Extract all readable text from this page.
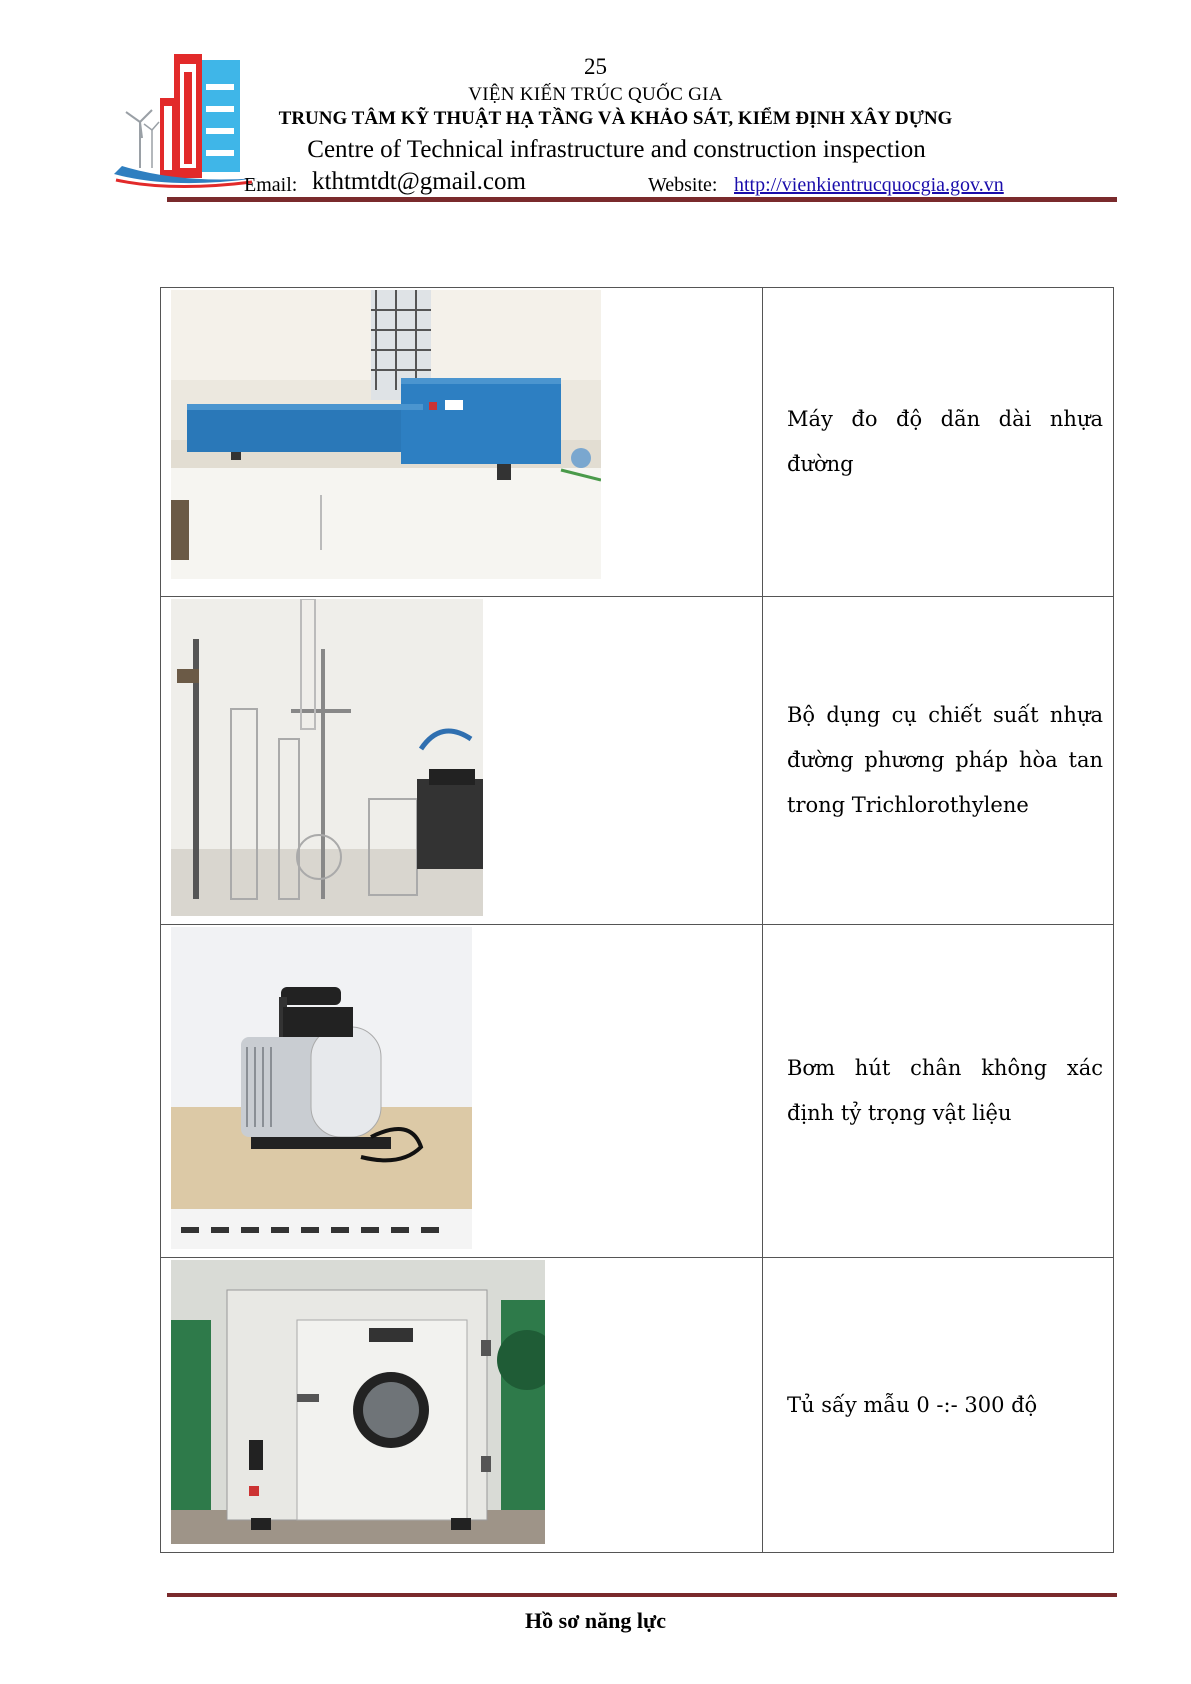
25
VIỆN KIẾN TRÚC QUỐC GIA
TRUNG TÂM KỸ THUẬT HẠ TẦNG VÀ KHẢO SÁT, KIỂM ĐỊNH XÂY DỰNG
Centre of Technical infrastructure and construction inspection
Email: kthtmtdt@gmail.com	Website: http://vienkientrucquocgia.gov.vn
	Máy đo độ dãn dài nhựa đường

	Bộ dụng cụ chiết suất nhựa đường phương pháp hòa tan trong Trichlorothylene

	Bơm hút chân không xác định tỷ trọng vật liệu

	Tủ sấy mẫu 0 -:- 300 độ
Hồ sơ năng lực
